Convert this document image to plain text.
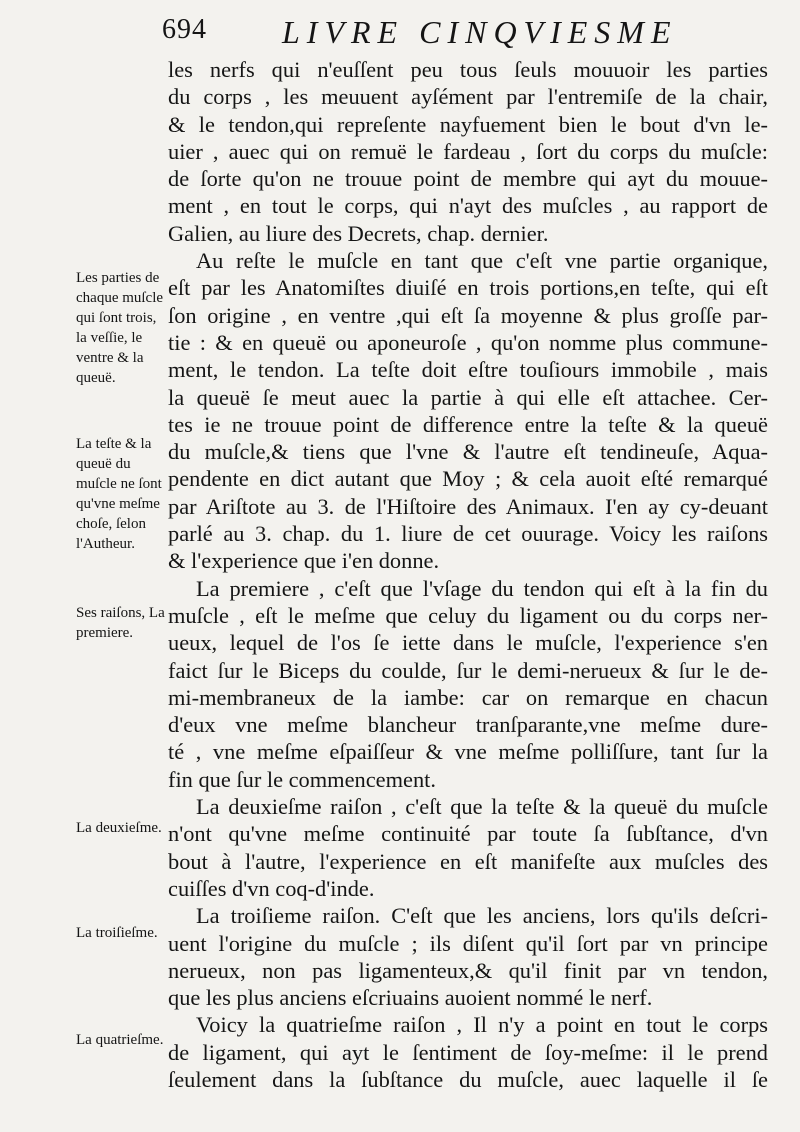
694 LIVRE CINQVIESME
Les parties de chaque muſcle qui ſont trois, la veſſie, le ventre & la queuë.
La teſte & la queuë du muſcle ne ſont qu'vne meſme choſe, ſelon l'Autheur.
Ses raiſons, La premiere.
La deuxieſme.
La troiſieſme.
La quatrieſme.
les nerfs qui n'euſſent peu tous ſeuls mouuoir les parties
du corps , les meuuent ayſément par l'entremiſe de la chair,
& le tendon,qui repreſente nayfuement bien le bout d'vn le-
uier , auec qui on remuë le fardeau , ſort du corps du muſcle:
de ſorte qu'on ne trouue point de membre qui ayt du mouue-
ment , en tout le corps, qui n'ayt des muſcles , au rapport de
Galien, au liure des Decrets, chap. dernier.
Au reſte le muſcle en tant que c'eſt vne partie organique,
eſt par les Anatomiſtes diuiſé en trois portions,en teſte, qui eſt
ſon origine , en ventre ,qui eſt ſa moyenne & plus groſſe par-
tie : & en queuë ou aponeuroſe , qu'on nomme plus commune-
ment, le tendon. La teſte doit eſtre touſiours immobile , mais
la queuë ſe meut auec la partie à qui elle eſt attachee. Cer-
tes ie ne trouue point de difference entre la teſte & la queuë
du muſcle,& tiens que l'vne & l'autre eſt tendineuſe, Aqua-
pendente en dict autant que Moy ; & cela auoit eſté remarqué
par Ariſtote au 3. de l'Hiſtoire des Animaux. I'en ay cy-deuant
parlé au 3. chap. du 1. liure de cet ouurage. Voicy les raiſons
& l'experience que i'en donne.
La premiere , c'eſt que l'vſage du tendon qui eſt à la fin du
muſcle , eſt le meſme que celuy du ligament ou du corps ner-
ueux, lequel de l'os ſe iette dans le muſcle, l'experience s'en
faict ſur le Biceps du coulde, ſur le demi-nerueux & ſur le de-
mi-membraneux de la iambe: car on remarque en chacun
d'eux vne meſme blancheur tranſparante,vne meſme dure-
té , vne meſme eſpaiſſeur & vne meſme polliſſure, tant ſur la
fin que ſur le commencement.
La deuxieſme raiſon , c'eſt que la teſte & la queuë du muſcle
n'ont qu'vne meſme continuité par toute ſa ſubſtance, d'vn
bout à l'autre, l'experience en eſt manifeſte aux muſcles des
cuiſſes d'vn coq-d'inde.
La troiſieme raiſon. C'eſt que les anciens, lors qu'ils deſcri-
uent l'origine du muſcle ; ils diſent qu'il ſort par vn principe
nerueux, non pas ligamenteux,& qu'il finit par vn tendon,
que les plus anciens eſcriuains auoient nommé le nerf.
Voicy la quatrieſme raiſon , Il n'y a point en tout le corps
de ligament, qui ayt le ſentiment de ſoy-meſme: il le prend
ſeulement dans la ſubſtance du muſcle, auec laquelle il ſe
